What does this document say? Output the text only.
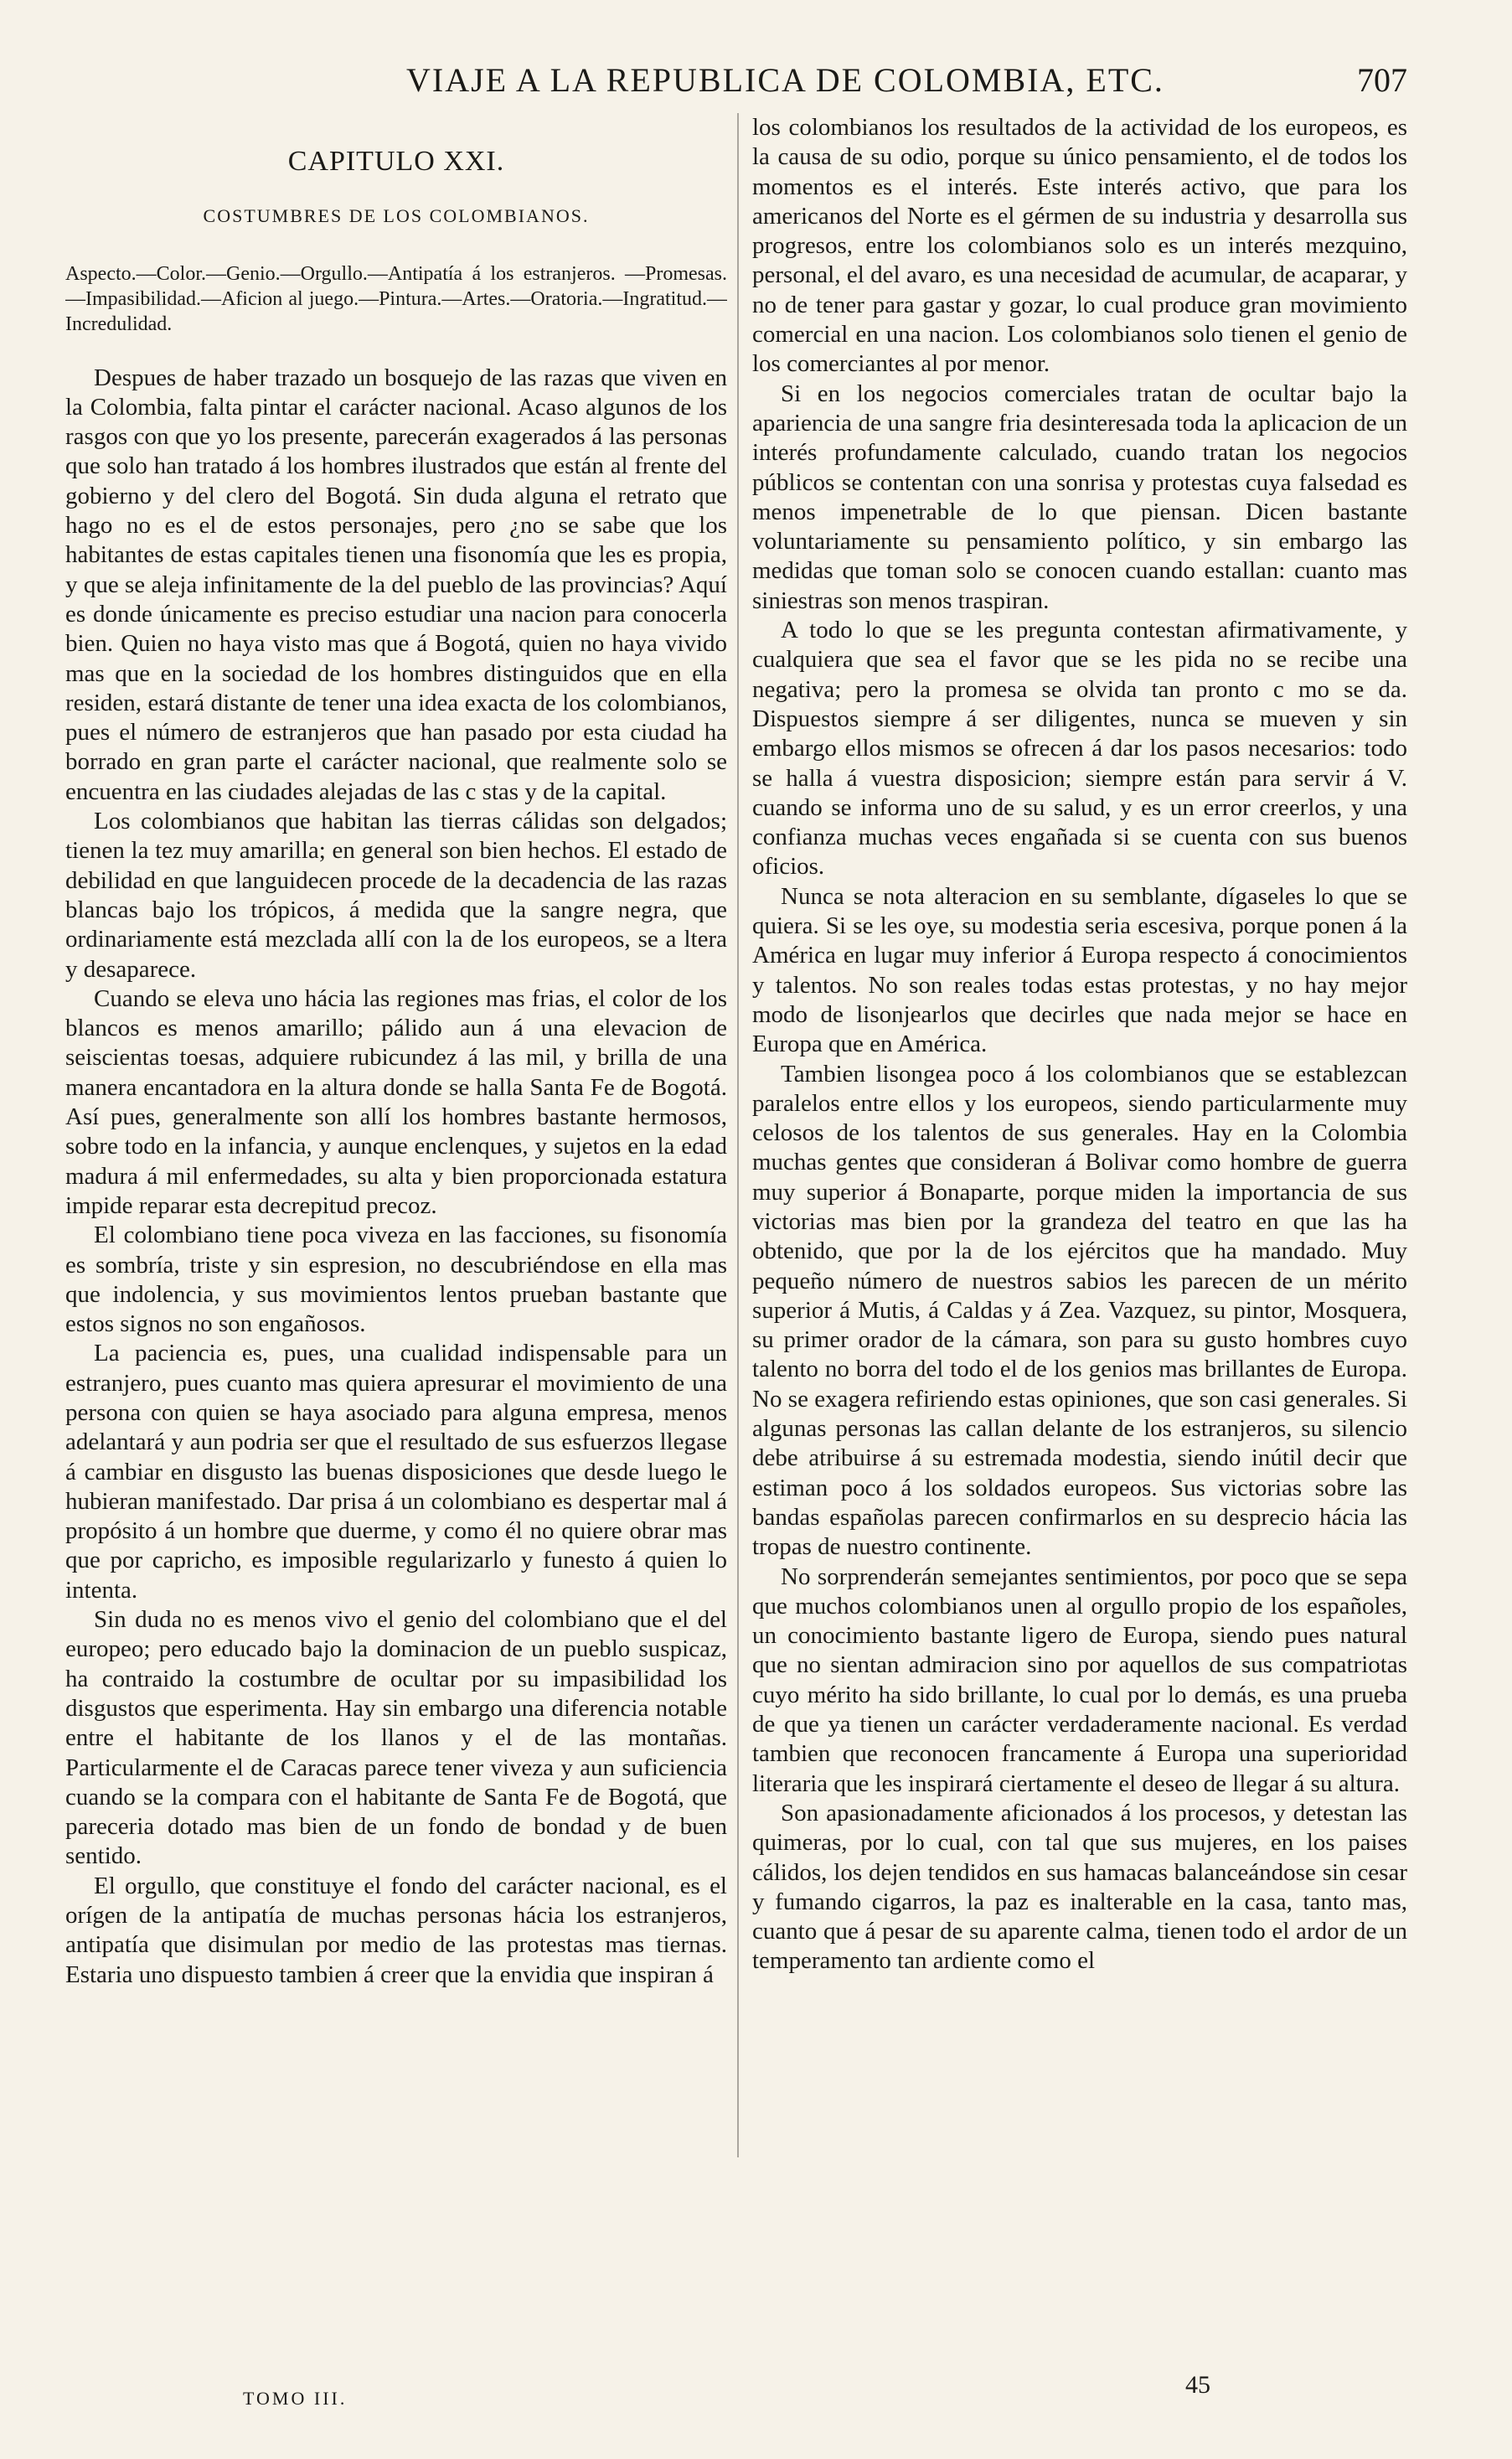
VIAJE A LA REPUBLICA DE COLOMBIA, ETC.	707
CAPITULO XXI.
COSTUMBRES DE LOS COLOMBIANOS.
Aspecto.—Color.—Genio.—Orgullo.—Antipatía á los estranjeros. —Promesas.—Impasibilidad.—Aficion al juego.—Pintura.—Artes.—Oratoria.—Ingratitud.—Incredulidad.

Despues de haber trazado un bosquejo de las razas que viven en la Colombia, falta pintar el carácter nacional. Acaso algunos de los rasgos con que yo los presente, parecerán exagerados á las personas que solo han tratado á los hombres ilustrados que están al frente del gobierno y del clero del Bogotá. Sin duda alguna el retrato que hago no es el de estos personajes, pero ¿no se sabe que los habitantes de estas capitales tienen una fisonomía que les es propia, y que se aleja infinitamente de la del pueblo de las provincias? Aquí es donde únicamente es preciso estudiar una nacion para conocerla bien. Quien no haya visto mas que á Bogotá, quien no haya vivido mas que en la sociedad de los hombres distinguidos que en ella residen, estará distante de tener una idea exacta de los colombianos, pues el número de estranjeros que han pasado por esta ciudad ha borrado en gran parte el carácter nacional, que realmente solo se encuentra en las ciudades alejadas de las c stas y de la capital.

Los colombianos que habitan las tierras cálidas son delgados; tienen la tez muy amarilla; en general son bien hechos. El estado de debilidad en que languidecen procede de la decadencia de las razas blancas bajo los trópicos, á medida que la sangre negra, que ordinariamente está mezclada allí con la de los europeos, se a ltera y desaparece.

Cuando se eleva uno hácia las regiones mas frias, el color de los blancos es menos amarillo; pálido aun á una elevacion de seiscientas toesas, adquiere rubicundez á las mil, y brilla de una manera encantadora en la altura donde se halla Santa Fe de Bogotá. Así pues, generalmente son allí los hombres bastante hermosos, sobre todo en la infancia, y aunque enclenques, y sujetos en la edad madura á mil enfermedades, su alta y bien proporcionada estatura impide reparar esta decrepitud precoz.

El colombiano tiene poca viveza en las facciones, su fisonomía es sombría, triste y sin espresion, no descubriéndose en ella mas que indolencia, y sus movimientos lentos prueban bastante que estos signos no son engañosos.

La paciencia es, pues, una cualidad indispensable para un estranjero, pues cuanto mas quiera apresurar el movimiento de una persona con quien se haya asociado para alguna empresa, menos adelantará y aun podria ser que el resultado de sus esfuerzos llegase á cambiar en disgusto las buenas disposiciones que desde luego le hubieran manifestado. Dar prisa á un colombiano es despertar mal á propósito á un hombre que duerme, y como él no quiere obrar mas que por capricho, es imposible regularizarlo y funesto á quien lo intenta.

Sin duda no es menos vivo el genio del colombiano que el del europeo; pero educado bajo la dominacion de un pueblo suspicaz, ha contraido la costumbre de ocultar por su impasibilidad los disgustos que esperimenta. Hay sin embargo una diferencia notable entre el habitante de los llanos y el de las montañas. Particularmente el de Caracas parece tener viveza y aun suficiencia cuando se la compara con el habitante de Santa Fe de Bogotá, que pareceria dotado mas bien de un fondo de bondad y de buen sentido.

El orgullo, que constituye el fondo del carácter nacional, es el orígen de la antipatía de muchas personas hácia los estranjeros, antipatía que disimulan por medio de las protestas mas tiernas. Estaria uno dispuesto tambien á creer que la envidia que inspiran á

los colombianos los resultados de la actividad de los europeos, es la causa de su odio, porque su único pensamiento, el de todos los momentos es el interés. Este interés activo, que para los americanos del Norte es el gérmen de su industria y desarrolla sus progresos, entre los colombianos solo es un interés mezquino, personal, el del avaro, es una necesidad de acumular, de acaparar, y no de tener para gastar y gozar, lo cual produce gran movimiento comercial en una nacion. Los colombianos solo tienen el genio de los comerciantes al por menor.

Si en los negocios comerciales tratan de ocultar bajo la apariencia de una sangre fria desinteresada toda la aplicacion de un interés profundamente calculado, cuando tratan los negocios públicos se contentan con una sonrisa y protestas cuya falsedad es menos impenetrable de lo que piensan. Dicen bastante voluntariamente su pensamiento político, y sin embargo las medidas que toman solo se conocen cuando estallan: cuanto mas siniestras son menos traspiran.

A todo lo que se les pregunta contestan afirmativamente, y cualquiera que sea el favor que se les pida no se recibe una negativa; pero la promesa se olvida tan pronto c mo se da. Dispuestos siempre á ser diligentes, nunca se mueven y sin embargo ellos mismos se ofrecen á dar los pasos necesarios: todo se halla á vuestra disposicion; siempre están para servir á V. cuando se informa uno de su salud, y es un error creerlos, y una confianza muchas veces engañada si se cuenta con sus buenos oficios.

Nunca se nota alteracion en su semblante, dígaseles lo que se quiera. Si se les oye, su modestia seria escesiva, porque ponen á la América en lugar muy inferior á Europa respecto á conocimientos y talentos. No son reales todas estas protestas, y no hay mejor modo de lisonjearlos que decirles que nada mejor se hace en Europa que en América.

Tambien lisongea poco á los colombianos que se establezcan paralelos entre ellos y los europeos, siendo particularmente muy celosos de los talentos de sus generales. Hay en la Colombia muchas gentes que consideran á Bolivar como hombre de guerra muy superior á Bonaparte, porque miden la importancia de sus victorias mas bien por la grandeza del teatro en que las ha obtenido, que por la de los ejércitos que ha mandado. Muy pequeño número de nuestros sabios les parecen de un mérito superior á Mutis, á Caldas y á Zea. Vazquez, su pintor, Mosquera, su primer orador de la cámara, son para su gusto hombres cuyo talento no borra del todo el de los genios mas brillantes de Europa. No se exagera refiriendo estas opiniones, que son casi generales. Si algunas personas las callan delante de los estranjeros, su silencio debe atribuirse á su estremada modestia, siendo inútil decir que estiman poco á los soldados europeos. Sus victorias sobre las bandas españolas parecen confirmarlos en su desprecio hácia las tropas de nuestro continente.

No sorprenderán semejantes sentimientos, por poco que se sepa que muchos colombianos unen al orgullo propio de los españoles, un conocimiento bastante ligero de Europa, siendo pues natural que no sientan admiracion sino por aquellos de sus compatriotas cuyo mérito ha sido brillante, lo cual por lo demás, es una prueba de que ya tienen un carácter verdaderamente nacional. Es verdad tambien que reconocen francamente á Europa una superioridad literaria que les inspirará ciertamente el deseo de llegar á su altura.

Son apasionadamente aficionados á los procesos, y detestan las quimeras, por lo cual, con tal que sus mujeres, en los paises cálidos, los dejen tendidos en sus hamacas balanceándose sin cesar y fumando cigarros, la paz es inalterable en la casa, tanto mas, cuanto que á pesar de su aparente calma, tienen todo el ardor de un temperamento tan ardiente como el

TOMO III.	45
